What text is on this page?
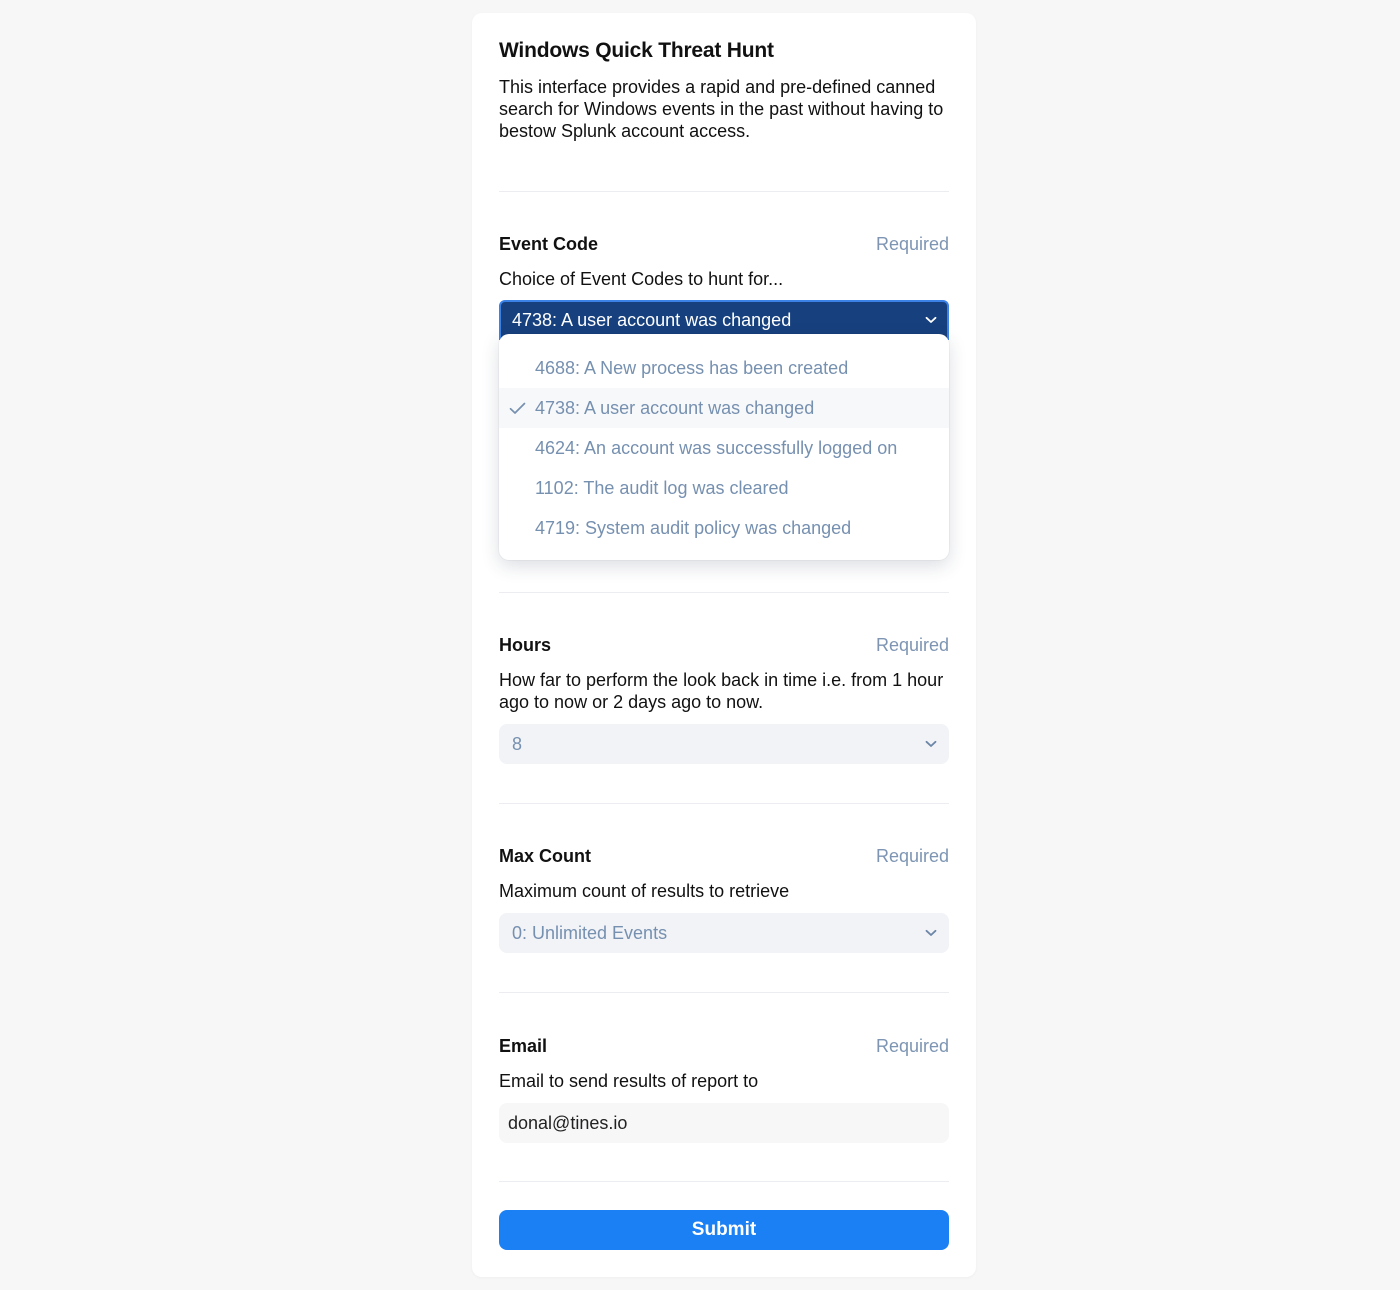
Windows Quick Threat Hunt
This interface provides a rapid and pre-defined canned search for Windows events in the past without having to bestow Splunk account access.
Event Code	Required
Choice of Event Codes to hunt for...
4738: A user account was changed
4688: A New process has been created
4738: A user account was changed
4624: An account was successfully logged on
1102: The audit log was cleared
4719: System audit policy was changed
Hours	Required
How far to perform the look back in time i.e. from 1 hour ago to now or 2 days ago to now.
8
Max Count	Required
Maximum count of results to retrieve
0: Unlimited Events
Email	Required
Email to send results of report to
donal@tines.io
Submit
